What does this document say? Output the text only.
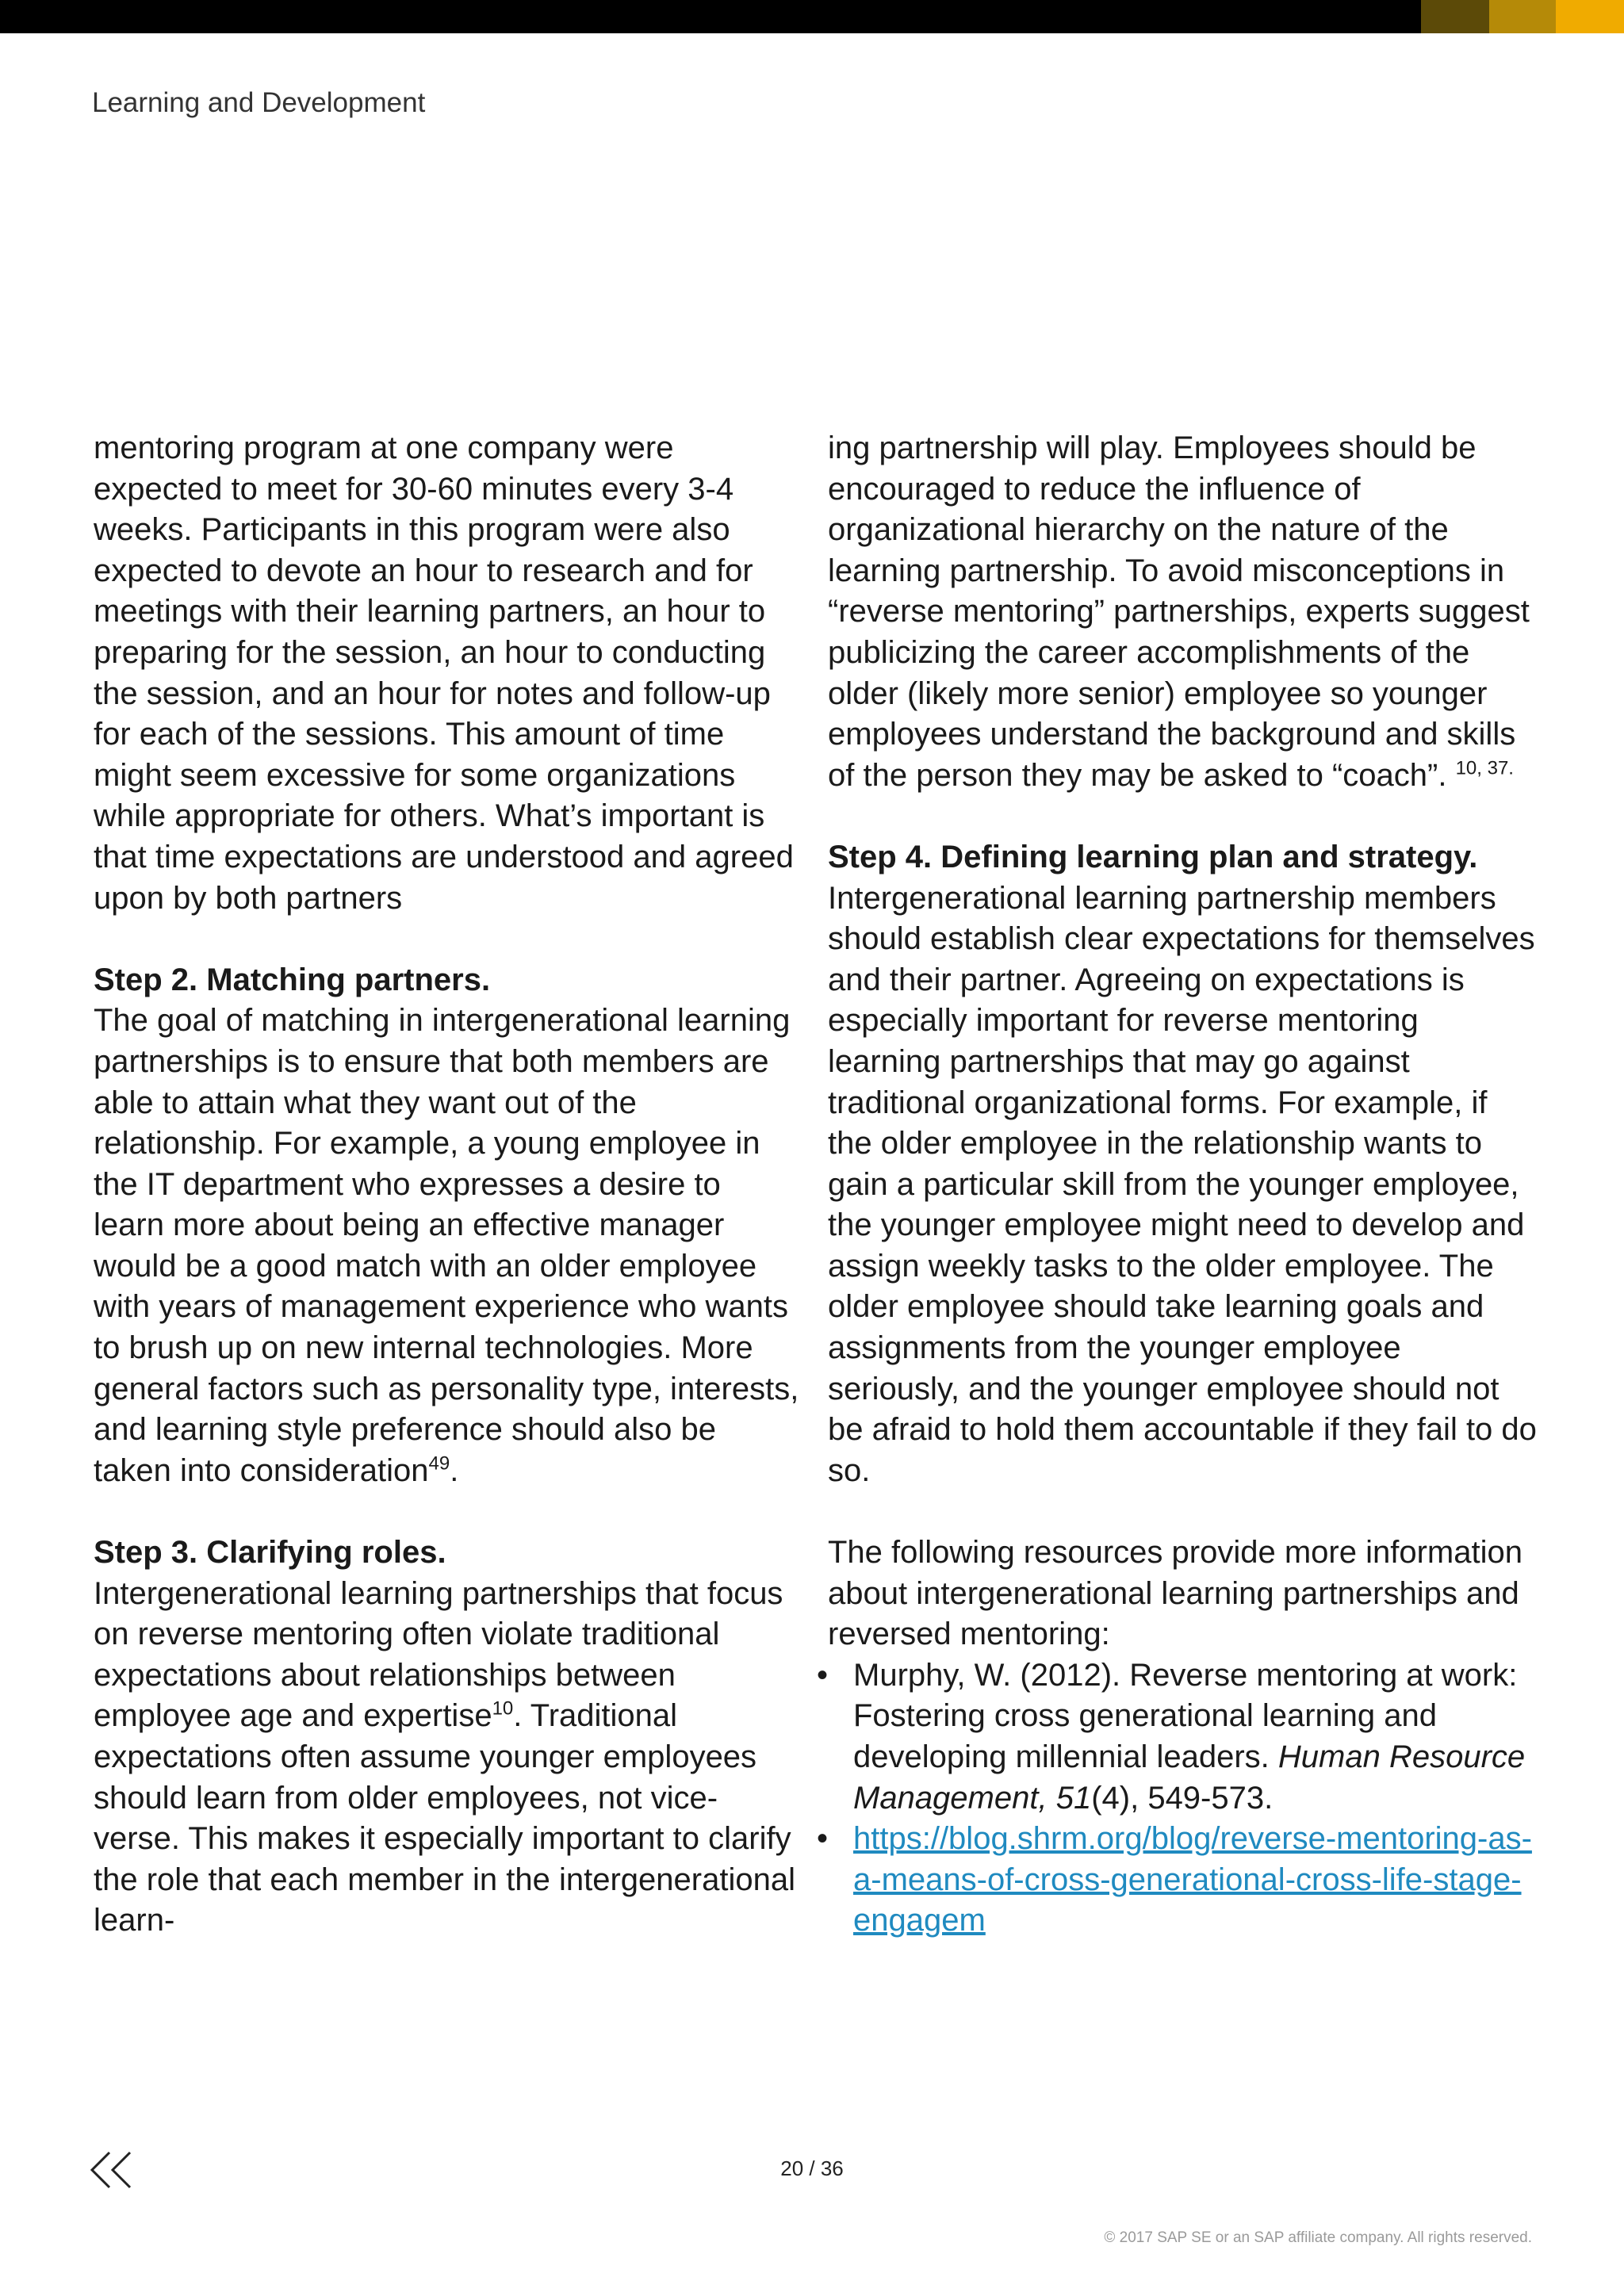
Learning and Development

mentoring program at one company were expected to meet for 30-60 minutes every 3-4 weeks. Participants in this program were also expected to devote an hour to research and for meetings with their learning partners, an hour to preparing for the session, an hour to conducting the session, and an hour for notes and follow-up for each of the sessions. This amount of time might seem excessive for some organizations while appropriate for others. What’s important is that time expectations are understood and agreed upon by both partners

Step 2. Matching partners.

The goal of matching in intergenerational learning partnerships is to ensure that both members are able to attain what they want out of the relationship. For example, a young employee in the IT department who expresses a desire to learn more about being an effective manager would be a good match with an older employee with years of management experience who wants to brush up on new internal technologies. More general factors such as personality type, interests, and learning style preference should also be taken into consideration$^{49}$.

Step 3. Clarifying roles.

Intergenerational learning partnerships that focus on reverse mentoring often violate traditional expectations about relationships between employee age and expertise$^{10}$. Traditional expectations often assume younger employees should learn from older employees, not vice-verse. This makes it especially important to clarify the role that each member in the intergenerational learn-

ing partnership will play. Employees should be encouraged to reduce the influence of organizational hierarchy on the nature of the learning partnership. To avoid misconceptions in “reverse mentoring” partnerships, experts suggest publicizing the career accomplishments of the older (likely more senior) employee so younger employees understand the background and skills of the person they may be asked to “coach”. $^{10, 37.}$

Step 4. Defining learning plan and strategy.

Intergenerational learning partnership members should establish clear expectations for themselves and their partner. Agreeing on expectations is especially important for reverse mentoring learning partnerships that may go against traditional organizational forms. For example, if the older employee in the relationship wants to gain a particular skill from the younger employee, the younger employee might need to develop and assign weekly tasks to the older employee. The older employee should take learning goals and assignments from the younger employee seriously, and the younger employee should not be afraid to hold them accountable if they fail to do so.

The following resources provide more information about intergenerational learning partnerships and reversed mentoring:

• Murphy, W. (2012). Reverse mentoring at work: Fostering cross generational learning and developing millennial leaders. Human Resource Management, 51(4), 549-573.
• https://blog.shrm.org/blog/reverse-mentoring-as-a-means-of-cross-generational-cross-life-stage-engagem
20 / 36
© 2017 SAP SE or an SAP affiliate company. All rights reserved.
